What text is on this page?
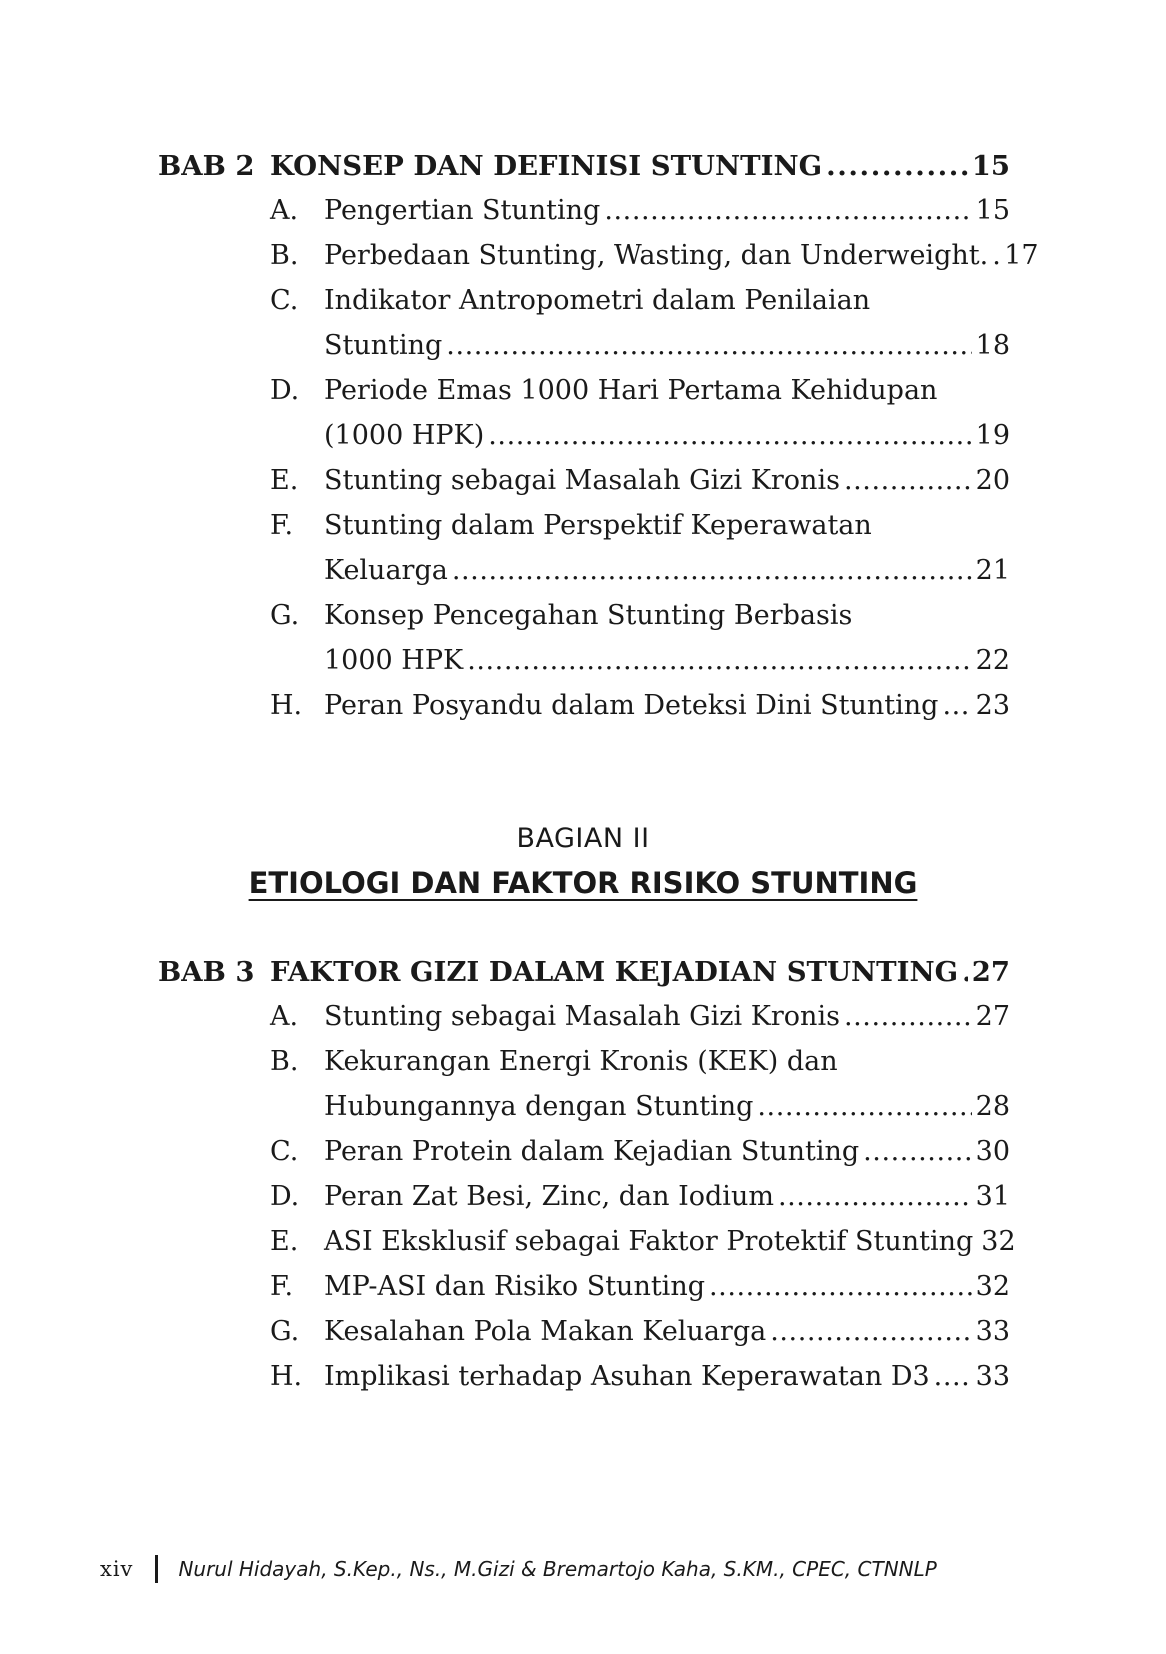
BAB 2 KONSEP DAN DEFINISI STUNTING . . .	15
A. Pengertian Stunting . . .	15
B. Perbedaan Stunting, Wasting, dan Underweight. . . . 17
C. Indikator Antropometri dalam Penilaian
Stunting . . .	18
D. Periode Emas 1000 Hari Pertama Kehidupan
(1000 HPK) . . .	19
E. Stunting sebagai Masalah Gizi Kronis . . .	20
F.	Stunting dalam Perspektif Keperawatan
Keluarga . . .	21
G. Konsep Pencegahan Stunting Berbasis
1000 HPK . . .	22
H. Peran Posyandu dalam Deteksi Dini Stunting . . . 23
BAGIAN II
ETIOLOGI DAN FAKTOR RISIKO STUNTING
BAB 3 FAKTOR GIZI DALAM KEJADIAN STUNTING . . . 27
A. Stunting sebagai Masalah Gizi Kronis . . .	27
B. Kekurangan Energi Kronis (KEK) dan
Hubungannya dengan Stunting . . .	28
C. Peran Protein dalam Kejadian Stunting . . .	30
D. Peran Zat Besi, Zinc, dan Iodium . . .	31
E. ASI Eksklusif sebagai Faktor Protektif Stunting 32
F.	MP-ASI dan Risiko Stunting . . .	32
G. Kesalahan Pola Makan Keluarga . . .	33
H. Implikasi terhadap Asuhan Keperawatan D3 . . . 33
xiv Nurul Hidayah, S.Kep., Ns., M.Gizi & Bremartojo Kaha, S.KM., CPEC, CTNNLP
